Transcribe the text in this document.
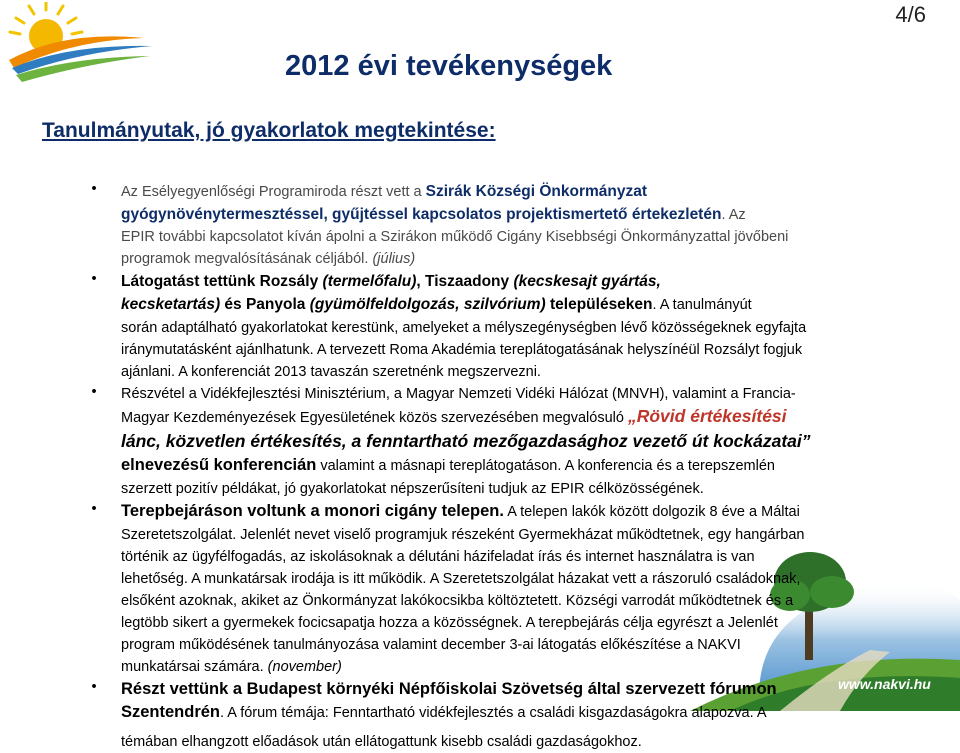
4/6
2012 évi tevékenységek
Tanulmányutak, jó gyakorlatok megtekintése:
www.nakvi.hu
• Az Esélyegyenlőségi Programiroda részt vett a Szirák Községi Önkormányzat
gyógynövénytermesztéssel, gyűjtéssel kapcsolatos projektismertető értekezletén. Az
EPIR további kapcsolatot kíván ápolni a Szirákon működő Cigány Kisebbségi Önkormányzattal jövőbeni
programok megvalósításának céljából. (július)
• Látogatást tettünk Rozsály (termelőfalu), Tiszaadony (kecskesajt gyártás,
kecsketartás) és Panyola (gyümölfeldolgozás, szilvórium) településeken. A tanulmányút
során adaptálható gyakorlatokat kerestünk, amelyeket a mélyszegénységben lévő közösségeknek egyfajta
iránymutatásként ajánlhatunk. A tervezett Roma Akadémia tereplátogatásának helyszínéül Rozsályt fogjuk
ajánlani. A konferenciát 2013 tavaszán szeretnénk megszervezni.
• Részvétel a Vidékfejlesztési Minisztérium, a Magyar Nemzeti Vidéki Hálózat (MNVH), valamint a Francia-
Magyar Kezdeményezések Egyesületének közös szervezésében megvalósuló „Rövid értékesítési
lánc, közvetlen értékesítés, a fenntartható mezőgazdasághoz vezető út kockázatai”
elnevezésű konferencián valamint a másnapi tereplátogatáson. A konferencia és a terepszemlén
szerzett pozitív példákat, jó gyakorlatokat népszerűsíteni tudjuk az EPIR célközösségének.
• Terepbejáráson voltunk a monori cigány telepen. A telepen lakók között dolgozik 8 éve a Máltai
Szeretetszolgálat. Jelenlét nevet viselő programjuk részeként Gyermekházat működtetnek, egy hangárban
történik az ügyfélfogadás, az iskolásoknak a délutáni házifeladat írás és internet használatra is van
lehetőség. A munkatársak irodája is itt működik. A Szeretetszolgálat házakat vett a rászoruló családoknak,
elsőként azoknak, akiket az Önkormányzat lakókocsikba költöztetett. Községi varrodát működtetnek és a
legtöbb sikert a gyermekek focicsapatja hozza a közösségnek. A terepbejárás célja egyrészt a Jelenlét
program működésének tanulmányozása valamint december 3-ai látogatás előkészítése a NAKVI
munkatársai számára. (november)
• Részt vettünk a Budapest környéki Népfőiskolai Szövetség által szervezett fórumon
Szentendrén. A fórum témája: Fenntartható vidékfejlesztés a családi kisgazdaságokra alapozva. A
témában elhangzott előadások után ellátogattunk kisebb családi gazdaságokhoz.
